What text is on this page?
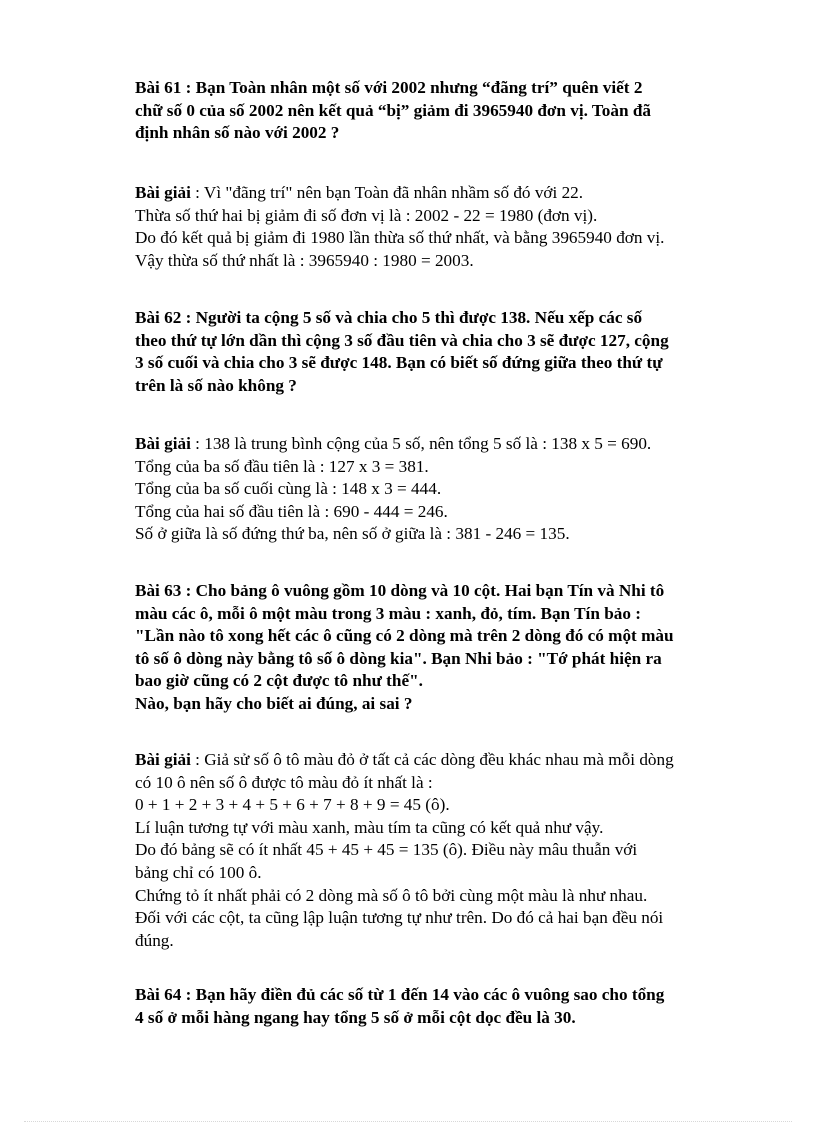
Bài 61 : Bạn Toàn nhân một số với 2002 nhưng “đãng trí” quên viết 2
chữ số 0 của số 2002 nên kết quả “bị” giảm đi 3965940 đơn vị. Toàn đã
định nhân số nào với 2002 ?
Bài giải : Vì "đãng trí" nên bạn Toàn đã nhân nhầm số đó với 22.
Thừa số thứ hai bị giảm đi số đơn vị là : 2002 - 22 = 1980 (đơn vị).
Do đó kết quả bị giảm đi 1980 lần thừa số thứ nhất, và bằng 3965940 đơn vị.
Vậy thừa số thứ nhất là : 3965940 : 1980 = 2003.
Bài 62 : Người ta cộng 5 số và chia cho 5 thì được 138. Nếu xếp các số
theo thứ tự lớn dần thì cộng 3 số đầu tiên và chia cho 3 sẽ được 127, cộng
3 số cuối và chia cho 3 sẽ được 148. Bạn có biết số đứng giữa theo thứ tự
trên là số nào không ?
Bài giải : 138 là trung bình cộng của 5 số, nên tổng 5 số là : 138 x 5 = 690.
Tổng của ba số đầu tiên là : 127 x 3 = 381.
Tổng của ba số cuối cùng là : 148 x 3 = 444.
Tổng của hai số đầu tiên là : 690 - 444 = 246.
Số ở giữa là số đứng thứ ba, nên số ở giữa là : 381 - 246 = 135.
Bài 63 : Cho bảng ô vuông gồm 10 dòng và 10 cột. Hai bạn Tín và Nhi tô
màu các ô, mỗi ô một màu trong 3 màu : xanh, đỏ, tím. Bạn Tín bảo :
"Lần nào tô xong hết các ô cũng có 2 dòng mà trên 2 dòng đó có một màu
tô số ô dòng này bằng tô số ô dòng kia". Bạn Nhi bảo : "Tớ phát hiện ra
bao giờ cũng có 2 cột được tô như thế".
Nào, bạn hãy cho biết ai đúng, ai sai ?
Bài giải : Giả sử số ô tô màu đỏ ở tất cả các dòng đều khác nhau mà mỗi dòng
có 10 ô nên số ô được tô màu đỏ ít nhất là :
0 + 1 + 2 + 3 + 4 + 5 + 6 + 7 + 8 + 9 = 45 (ô).
Lí luận tương tự với màu xanh, màu tím ta cũng có kết quả như vậy.
Do đó bảng sẽ có ít nhất 45 + 45 + 45 = 135 (ô). Điều này mâu thuẫn với
bảng chỉ có 100 ô.
Chứng tỏ ít nhất phải có 2 dòng mà số ô tô bởi cùng một màu là như nhau.
Đối với các cột, ta cũng lập luận tương tự như trên. Do đó cả hai bạn đều nói
đúng.
Bài 64 : Bạn hãy điền đủ các số từ 1 đến 14 vào các ô vuông sao cho tổng
4 số ở mỗi hàng ngang hay tổng 5 số ở mỗi cột dọc đều là 30.
